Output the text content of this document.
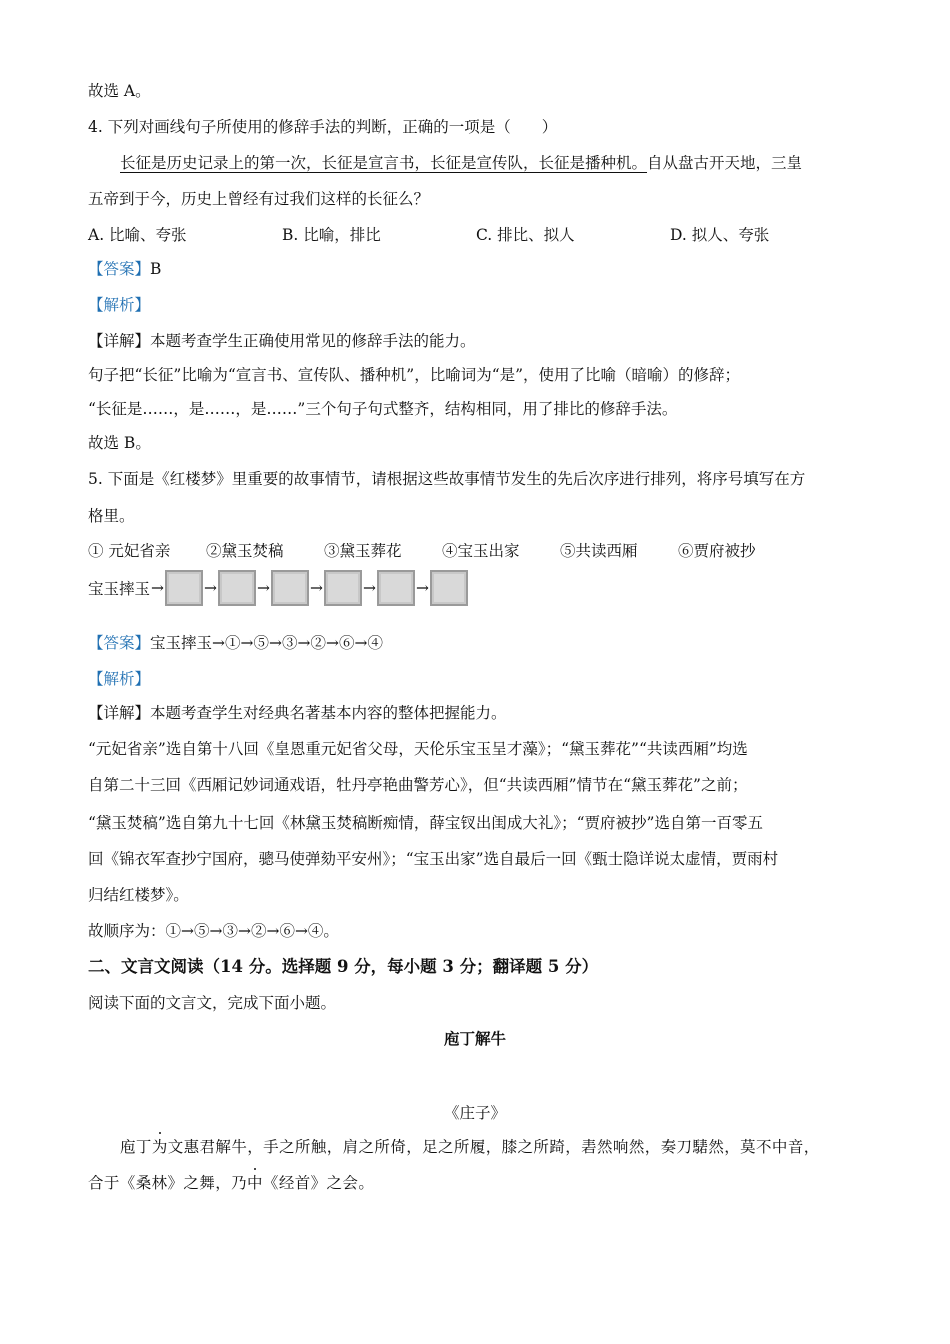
故选 A。
4. 下列对画线句子所使用的修辞手法的判断，正确的一项是（　　）
长征是历史记录上的第一次，长征是宣言书，长征是宣传队，长征是播种机。自从盘古开天地，三皇
五帝到于今，历史上曾经有过我们这样的长征么？
A. 比喻、夸张	B. 比喻，排比	C. 排比、拟人	D. 拟人、夸张
【答案】B
【解析】
【详解】本题考查学生正确使用常见的修辞手法的能力。
句子把“长征”比喻为“宣言书、宣传队、播种机”，比喻词为“是”，使用了比喻（暗喻）的修辞；
“长征是……，是……，是……”三个句子句式整齐，结构相同，用了排比的修辞手法。
故选 B。
5. 下面是《红楼梦》里重要的故事情节，请根据这些故事情节发生的先后次序进行排列，将序号填写在方
格里。
① 元妃省亲 ②黛玉焚稿	③黛玉葬花	④宝玉出家	⑤共读西厢	⑥贾府被抄
宝玉摔玉 →	→	→	→	→	→
【答案】宝玉摔玉→①→⑤→③→②→⑥→④
【解析】
【详解】本题考查学生对经典名著基本内容的整体把握能力。
“元妃省亲”选自第十八回《皇恩重元妃省父母，天伦乐宝玉呈才藻》；“黛玉葬花”“共读西厢”均选
自第二十三回《西厢记妙词通戏语，牡丹亭艳曲警芳心》，但“共读西厢”情节在“黛玉葬花”之前；
“黛玉焚稿”选自第九十七回《林黛玉焚稿断痴情，薛宝钗出闺成大礼》；“贾府被抄”选自第一百零五
回《锦衣军查抄宁国府，骢马使弹劾平安州》；“宝玉出家”选自最后一回《甄士隐详说太虚情，贾雨村
归结红楼梦》。
故顺序为：①→⑤→③→②→⑥→④。
二、文言文阅读（14 分。选择题 9 分，每小题 3 分；翻译题 5 分）
阅读下面的文言文，完成下面小题。
庖丁解牛
《庄子》
庖丁为文惠君解牛，手之所触，肩之所倚，足之所履，膝之所踦，砉然响然，奏刀騞然，莫不中音，
合于《桑林》之舞，乃中《经首》之会。
